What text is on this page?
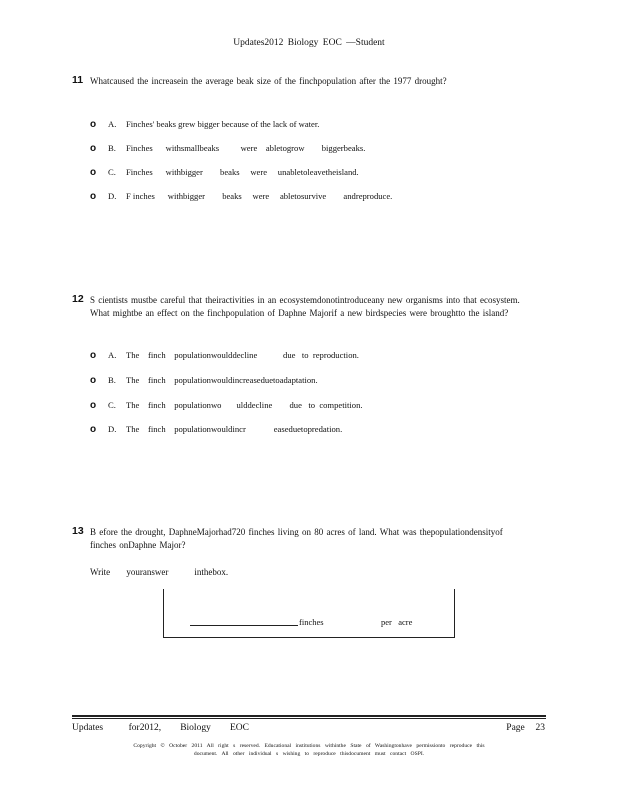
Updates2012 Biology EOC —Student
11 Whatcaused the increasein the average beak size of the finchpopulation after the 1977 drought?
o	A.	Finches' beaks grew bigger because of the lack of water.
o	B.	Finches      withsmallbeaks          were    abletogrow        biggerbeaks.
o	C.	Finches      withbigger        beaks     were     unabletoleavetheisland.
o	D.	F inches      withbigger        beaks     were     abletosurvive        andreproduce.
12 S cientists mustbe careful that theiractivities in an ecosystemdonotintroduceany new organisms into that ecosystem. What mightbe an effect on the finchpopulation of Daphne Majorif a new birdspecies were broughtto the island?
o	A.	The    finch    populationwoulddecline            due   to  reproduction.
o	B.	The    finch    populationwouldincreaseduetoadaptation.
o	C.	The    finch    populationwo       ulddecline        due   to  competition.
o	D.	The    finch    populationwouldincr             easeduetopredation.
13 B efore the drought, DaphneMajorhad720 finches living on 80 acres of land. What was thepopulationdensityof finches onDaphne Major?
Write     youranswer        inthebox.
finches	per   acre
Updates    for2012,   Biology   EOC	Page  23
Copyright © October 2011 All right s reserved. Educational institutions withinthe State of Washingtonhave permissionto reproduce this
document. All other individual s wishing to reproduce thisdocument must contact OSPI.
